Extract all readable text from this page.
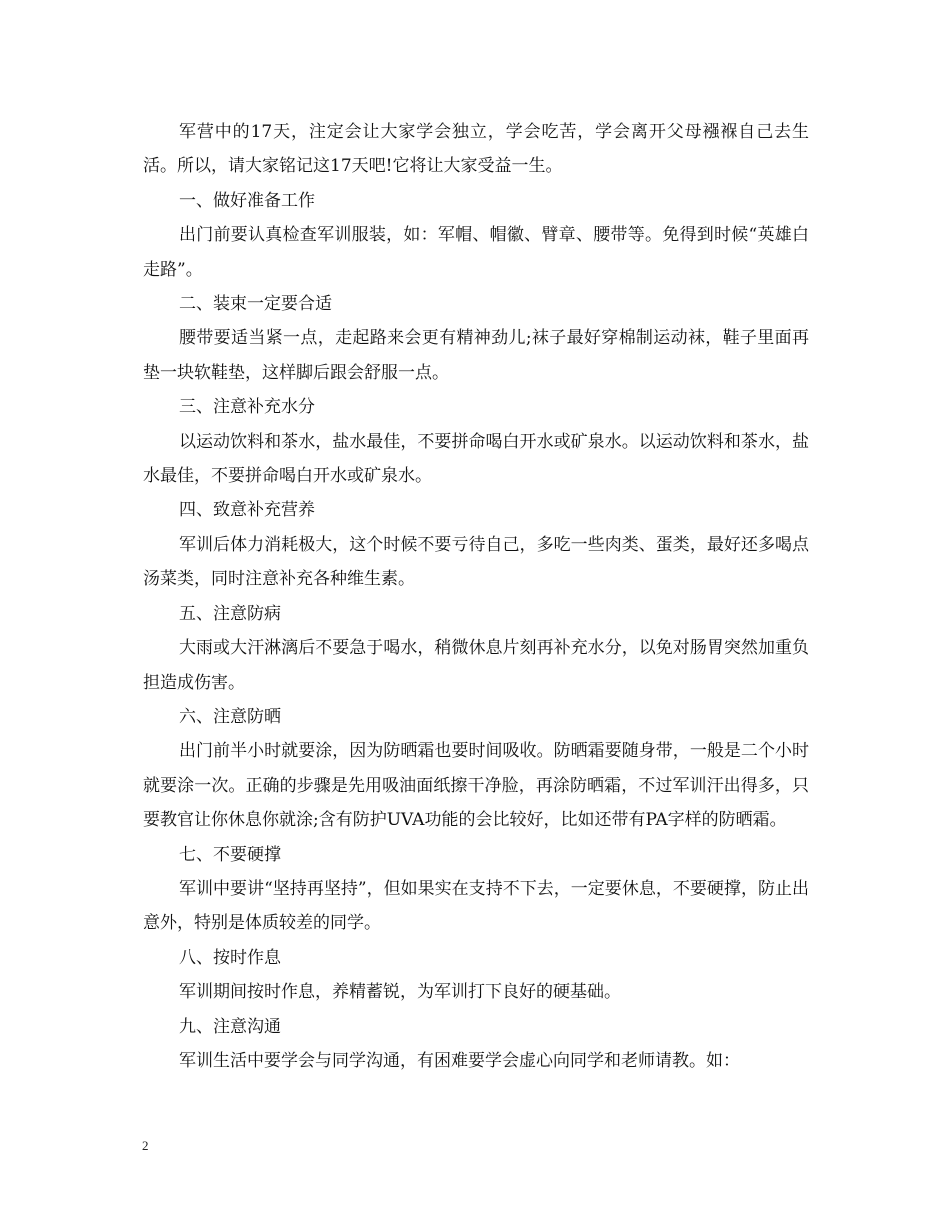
军营中的17天，注定会让大家学会独立，学会吃苦，学会离开父母襁褓自己去生活。所以，请大家铭记这17天吧!它将让大家受益一生。

一、做好准备工作

出门前要认真检查军训服装，如：军帽、帽徽、臂章、腰带等。免得到时候“英雄白走路”。

二、装束一定要合适

腰带要适当紧一点，走起路来会更有精神劲儿;袜子最好穿棉制运动袜，鞋子里面再垫一块软鞋垫，这样脚后跟会舒服一点。

三、注意补充水分

以运动饮料和茶水，盐水最佳，不要拼命喝白开水或矿泉水。以运动饮料和茶水，盐水最佳，不要拼命喝白开水或矿泉水。

四、致意补充营养

军训后体力消耗极大，这个时候不要亏待自己，多吃一些肉类、蛋类，最好还多喝点汤菜类，同时注意补充各种维生素。

五、注意防病

大雨或大汗淋漓后不要急于喝水，稍微休息片刻再补充水分，以免对肠胃突然加重负担造成伤害。

六、注意防晒

出门前半小时就要涂，因为防晒霜也要时间吸收。防晒霜要随身带，一般是二个小时就要涂一次。正确的步骤是先用吸油面纸擦干净脸，再涂防晒霜，不过军训汗出得多，只要教官让你休息你就涂;含有防护UVA功能的会比较好，比如还带有PA字样的防晒霜。

七、不要硬撑

军训中要讲“坚持再坚持”，但如果实在支持不下去，一定要休息，不要硬撑，防止出意外，特别是体质较差的同学。

八、按时作息

军训期间按时作息，养精蓄锐，为军训打下良好的硬基础。

九、注意沟通

军训生活中要学会与同学沟通，有困难要学会虚心向同学和老师请教。如：

2
